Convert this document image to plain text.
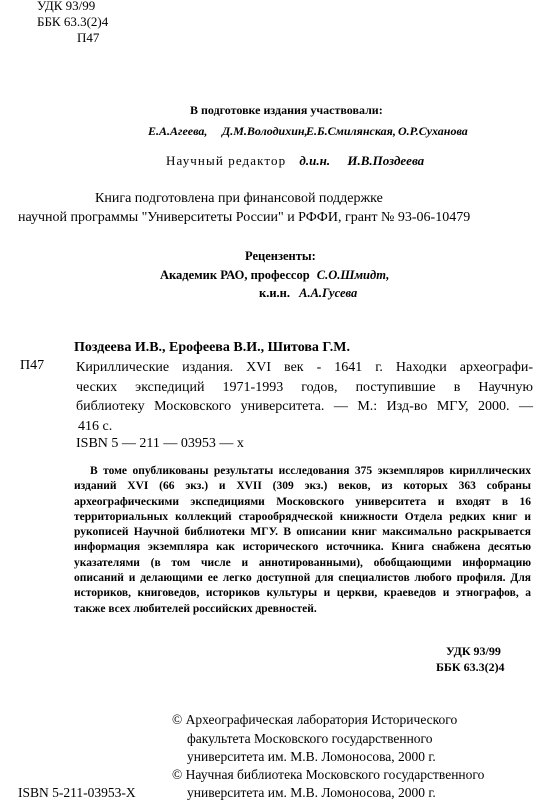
УДК 93/99
ББК 63.3(2)4
П47
В подготовке издания участвовали:
Е.А.Агеева, Д.М.Володихин,
Е.Б.Смилянская, О.Р.Суханова
Научный редактор д.и.н. И.В.Поздеева
Книга подготовлена при финансовой поддержке
научной программы "Университеты России" и РФФИ, грант № 93-06-10479
Рецензенты:
Академик РАО, профессор С.О.Шмидт,
к.и.н. А.А.Гусева
Поздеева И.В., Ерофеева В.И., Шитова Г.М.
П47 Кириллические издания. XVI век - 1641 г. Находки археографи-
ческих экспедиций 1971-1993 годов, поступившие в Научную
библиотеку Московского университета. — М.: Изд-во МГУ, 2000. —
416 с.
ISBN 5 — 211 — 03953 — x
В томе опубликованы результаты исследования 375 экземпляров кириллических
изданий XVI (66 экз.) и XVII (309 экз.) веков, из которых 363 собраны
археографическими экспедициями Московского университета и входят в 16
территориальных коллекций старообрядческой книжности Отдела редких книг и
рукописей Научной библиотеки МГУ. В описании книг максимально раскрывается
информация экземпляра как исторического источника. Книга снабжена десятью
указателями (в том числе и аннотированными), обобщающими информацию
описаний и делающими ее легко доступной для специалистов любого профиля. Для
историков, книговедов, историков культуры и церкви, краеведов и этнографов, а
также всех любителей российских древностей.
УДК 93/99
ББК 63.3(2)4
© Археографическая лаборатория Исторического
факультета Московского государственного
университета им. М.В. Ломоносова, 2000 г.
© Научная библиотека Московского государственного
университета им. М.В. Ломоносова, 2000 г.
ISBN 5-211-03953-X
